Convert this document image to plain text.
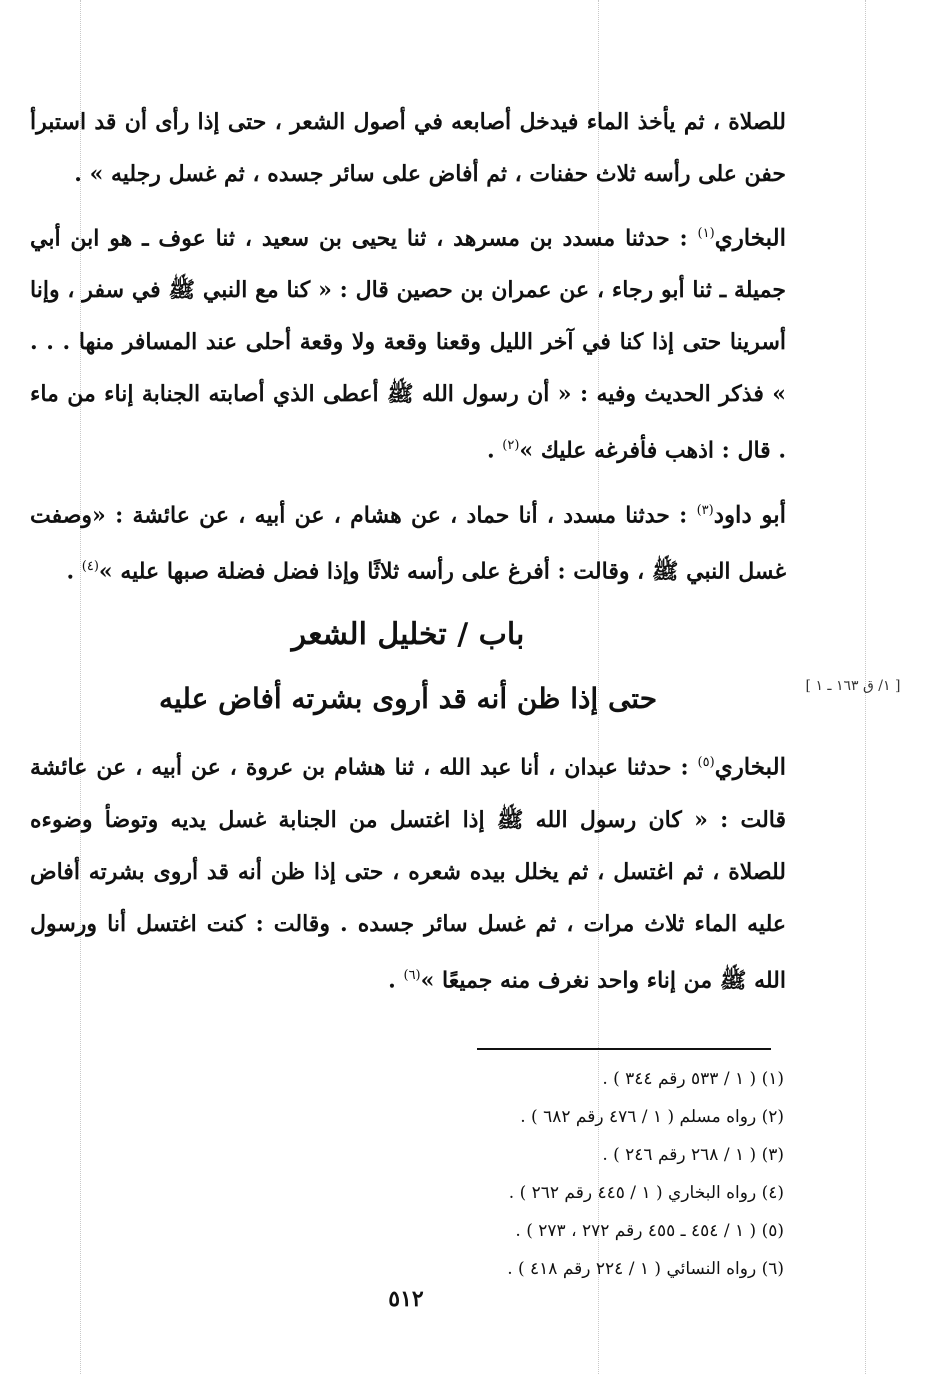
للصلاة ، ثم يأخذ الماء فيدخل أصابعه في أصول الشعر ، حتى إذا رأى أن قد استبرأ حفن على رأسه ثلاث حفنات ، ثم أفاض على سائر جسده ، ثم غسل رجليه » .

البخاري$^{(١)}$ : حدثنا مسدد بن مسرهد ، ثنا يحيى بن سعيد ، ثنا عوف ـ هو ابن أبي جميلة ـ ثنا أبو رجاء ، عن عمران بن حصين قال : « كنا مع النبي ﷺ في سفر ، وإنا أسرينا حتى إذا كنا في آخر الليل وقعنا وقعة ولا وقعة أحلى عند المسافر منها . . . » فذكر الحديث وفيه : « أن رسول الله ﷺ أعطى الذي أصابته الجنابة إناء من ماء . قال : اذهب فأفرغه عليك »$^{(٢)}$ .

أبو داود$^{(٣)}$ : حدثنا مسدد ، أنا حماد ، عن هشام ، عن أبيه ، عن عائشة : «وصفت غسل النبي ﷺ ، وقالت : أفرغ على رأسه ثلاثًا وإذا فضل فضلة صبها عليه »$^{(٤)}$ .

باب / تخليل الشعر
حتى إذا ظن أنه قد أروى بشرته أفاض عليه

البخاري$^{(٥)}$ : حدثنا عبدان ، أنا عبد الله ، ثنا هشام بن عروة ، عن أبيه ، عن عائشة قالت : « كان رسول الله ﷺ إذا اغتسل من الجنابة غسل يديه وتوضأ وضوءه للصلاة ، ثم اغتسل ، ثم يخلل بيده شعره ، حتى إذا ظن أنه قد أروى بشرته أفاض عليه الماء ثلاث مرات ، ثم غسل سائر جسده . وقالت : كنت اغتسل أنا ورسول الله ﷺ من إناء واحد نغرف منه جميعًا »$^{(٦)}$ .

[ ١/ ق ١٦٣ ـ ١ ]
(١) ( ١ / ٥٣٣ رقم ٣٤٤ ) .
(٢) رواه مسلم ( ١ / ٤٧٦ رقم ٦٨٢ ) .
(٣) ( ١ / ٢٦٨ رقم ٢٤٦ ) .
(٤) رواه البخاري ( ١ / ٤٤٥ رقم ٢٦٢ ) .
(٥) ( ١ / ٤٥٤ ـ ٤٥٥ رقم ٢٧٢ ، ٢٧٣ ) .
(٦) رواه النسائي ( ١ / ٢٢٤ رقم ٤١٨ ) .
٥١٢
